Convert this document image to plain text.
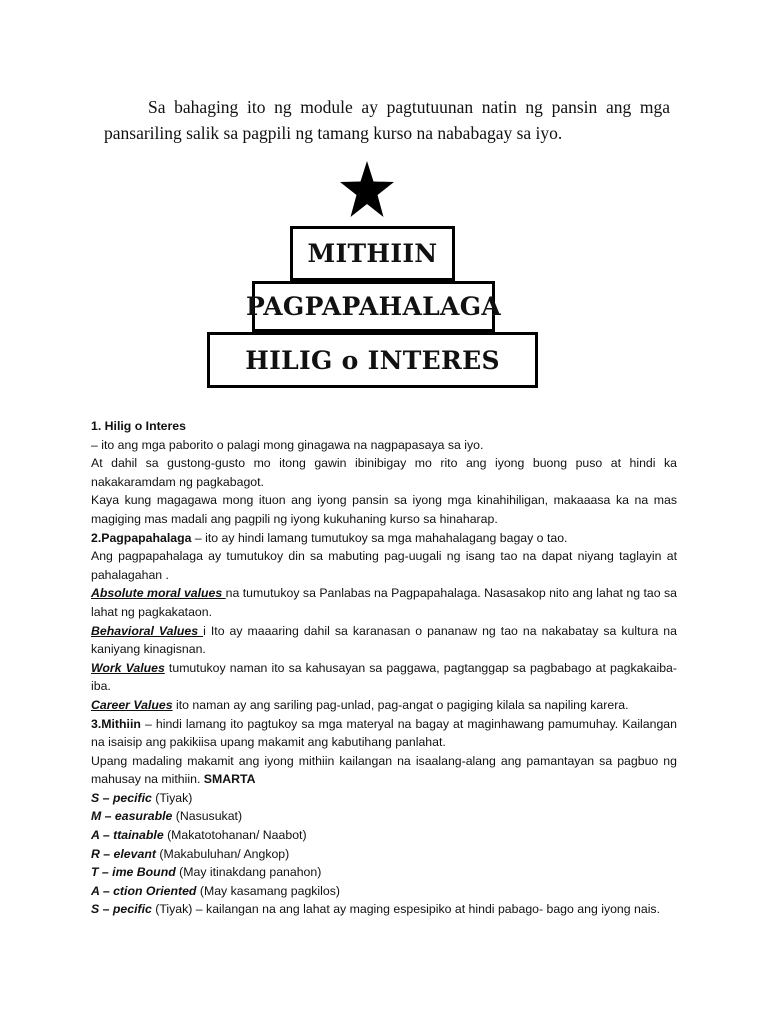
Sa bahaging ito ng module ay pagtutuunan natin ng pansin ang mga pansariling salik sa pagpili ng tamang kurso na nababagay sa iyo.

MITHIIN
PAGPAPAHALAGA
HILIG o INTERES

1. Hilig o Interes

– ito ang mga paborito o palagi mong ginagawa na nagpapasaya sa iyo.

At dahil sa gustong-gusto mo itong gawin ibinibigay mo rito ang iyong buong puso at hindi ka nakakaramdam ng pagkabagot.

Kaya kung magagawa mong ituon ang iyong pansin sa iyong mga kinahihiligan, makaaasa ka na mas magiging mas madali ang pagpili ng iyong kukuhaning kurso sa hinaharap.

2.Pagpapahalaga – ito ay hindi lamang tumutukoy sa mga mahahalagang bagay o tao.

Ang pagpapahalaga ay tumutukoy din sa mabuting pag-uugali ng isang tao na dapat niyang taglayin at pahalagahan .

Absolute moral values na tumutukoy sa Panlabas na Pagpapahalaga. Nasasakop nito ang lahat ng tao sa lahat ng pagkakataon.

Behavioral Values i Ito ay maaaring dahil sa karanasan o pananaw ng tao na nakabatay sa kultura na kaniyang kinagisnan.

Work Values tumutukoy naman ito sa kahusayan sa paggawa, pagtanggap sa pagbabago at pagkakaiba-iba.

Career Values ito naman ay ang sariling pag-unlad, pag-angat o pagiging kilala sa napiling karera.

3.Mithiin – hindi lamang ito pagtukoy sa mga materyal na bagay at maginhawang pamumuhay. Kailangan na isaisip ang pakikiisa upang makamit ang kabutihang panlahat.

Upang madaling makamit ang iyong mithiin kailangan na isaalang-alang ang pamantayan sa pagbuo ng mahusay na mithiin. SMARTA

S – pecific (Tiyak)

M – easurable (Nasusukat)

A – ttainable (Makatotohanan/ Naabot)

R – elevant (Makabuluhan/ Angkop)

T – ime Bound (May itinakdang panahon)

A – ction Oriented (May kasamang pagkilos)

S – pecific (Tiyak) – kailangan na ang lahat ay maging espesipiko at hindi pabago- bago ang iyong nais.
